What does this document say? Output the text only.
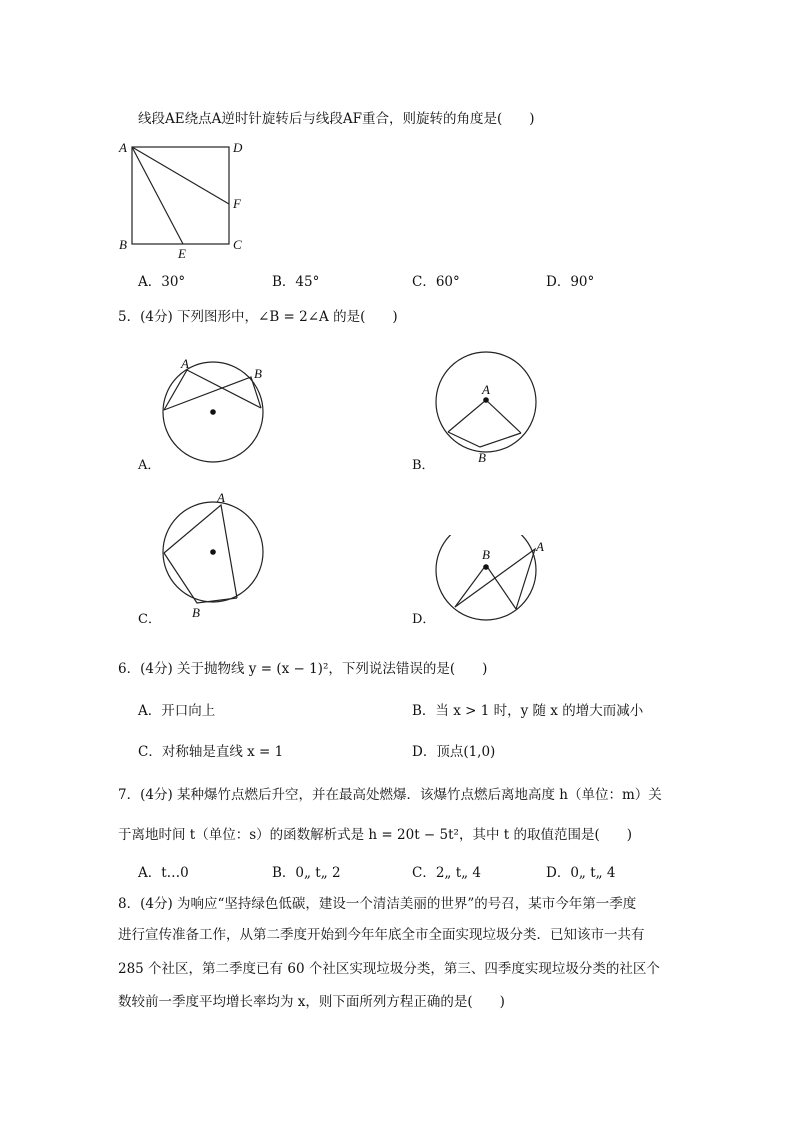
线段AE绕点A逆时针旋转后与线段AF重合，则旋转的角度是(　　)
A	D
F
B
E
C
A．30°	B．45°	C．60°	D．90°
5．(4分) 下列图形中，∠B = 2∠A 的是(　　)
A
B
A．
A
B
B．
A
B
C．
B
A
D．
6．(4分) 关于抛物线 y = (x − 1)²，下列说法错误的是(　　)
A．开口向上	B．当 x > 1 时，y 随 x 的增大而减小
C．对称轴是直线 x = 1	D．顶点(1,0)
7．(4分) 某种爆竹点燃后升空，并在最高处燃爆．该爆竹点燃后离地高度 h（单位：m）关
于离地时间 t（单位：s）的函数解析式是 h = 20t − 5t²，其中 t 的取值范围是(　　)
A．t…0	B．0„ t„ 2	C．2„ t„ 4	D．0„ t„ 4
8．(4分) 为响应“坚持绿色低碳，建设一个清洁美丽的世界”的号召，某市今年第一季度
进行宣传准备工作，从第二季度开始到今年年底全市全面实现垃圾分类．已知该市一共有
285 个社区，第二季度已有 60 个社区实现垃圾分类，第三、四季度实现垃圾分类的社区个
数较前一季度平均增长率均为 x，则下面所列方程正确的是(　　)
